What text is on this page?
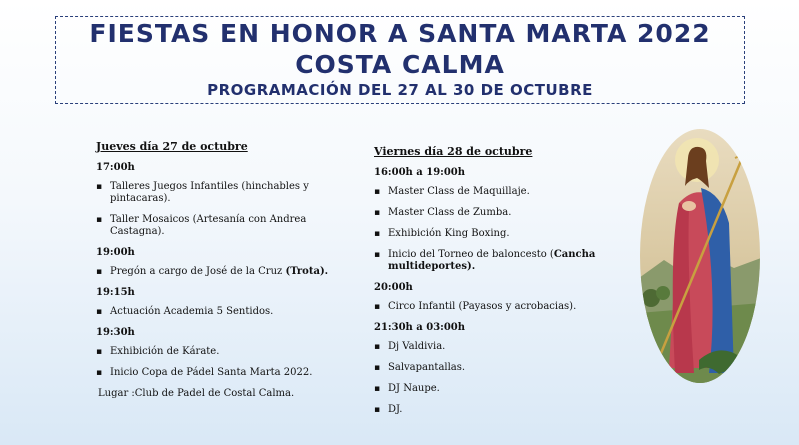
FIESTAS EN HONOR A SANTA MARTA 2022
COSTA CALMA
PROGRAMACIÓN DEL 27 AL 30 DE OCTUBRE
Jueves día 27 de octubre
17:00h
▪ Talleres Juegos Infantiles (hinchables y pintacaras).
▪ Taller Mosaicos (Artesanía con Andrea Castagna).
19:00h
▪ Pregón a cargo de José de la Cruz (Trota).
19:15h
▪ Actuación Academia 5 Sentidos.
19:30h
▪ Exhibición de Kárate.
▪ Inicio Copa de Pádel Santa Marta 2022.
Lugar :Club de Padel de Costal Calma.
Viernes día 28 de octubre
16:00h a 19:00h
▪ Master Class de Maquillaje.
▪ Master Class de Zumba.
▪ Exhibición King Boxing.
▪ Inicio del Torneo de baloncesto (Cancha multideportes).
20:00h
▪ Circo Infantil (Payasos y acrobacias).
21:30h a 03:00h
▪ Dj Valdivia.
▪ Salvapantallas.
▪ DJ Naupe.
▪ DJ.
